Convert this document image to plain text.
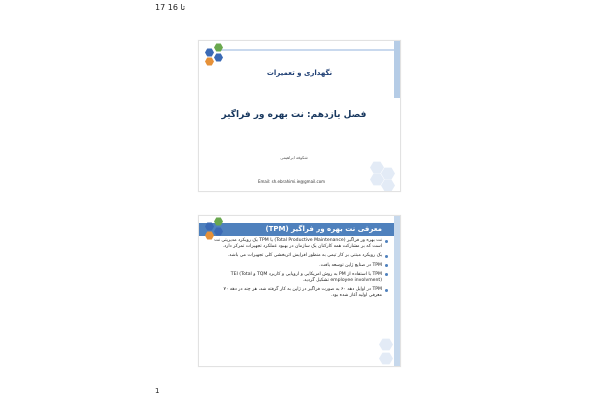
17 تا 16
نگهداری و تعمیرات
فصل یازدهم: نت بهره ور فراگیر
شکوفه ابراهیمی
Email: sh.ebrahimi.ie@gmail.com
معرفی نت بهره ور فراگیر (TPM)
نت بهره ور فراگیر (Total Productive Maintenance) یا TPM یک رویکرد مدیریتی نت است که بر مشارکت همه کارکنان یک سازمان در بهبود عملکرد تجهیزات تمرکز دارد.
یک رویکرد مبتنی بر کار تیمی به منظور افزایش اثربخشی کلی تجهیزات می باشد.
TPM در صنایع ژاپن توسعه یافت.
TPM با استفاده از PM به روش امریکایی و اروپایی و کاربرد TQM و TEI (Total employee involvment) تشکیل گردید.
TPM در اوایل دهه ۶۰ به صورت فراگیر در ژاپن به کار گرفته شد، هر چند در دهه ۷۰ معرفی اولیه آغاز شده بود.
1
